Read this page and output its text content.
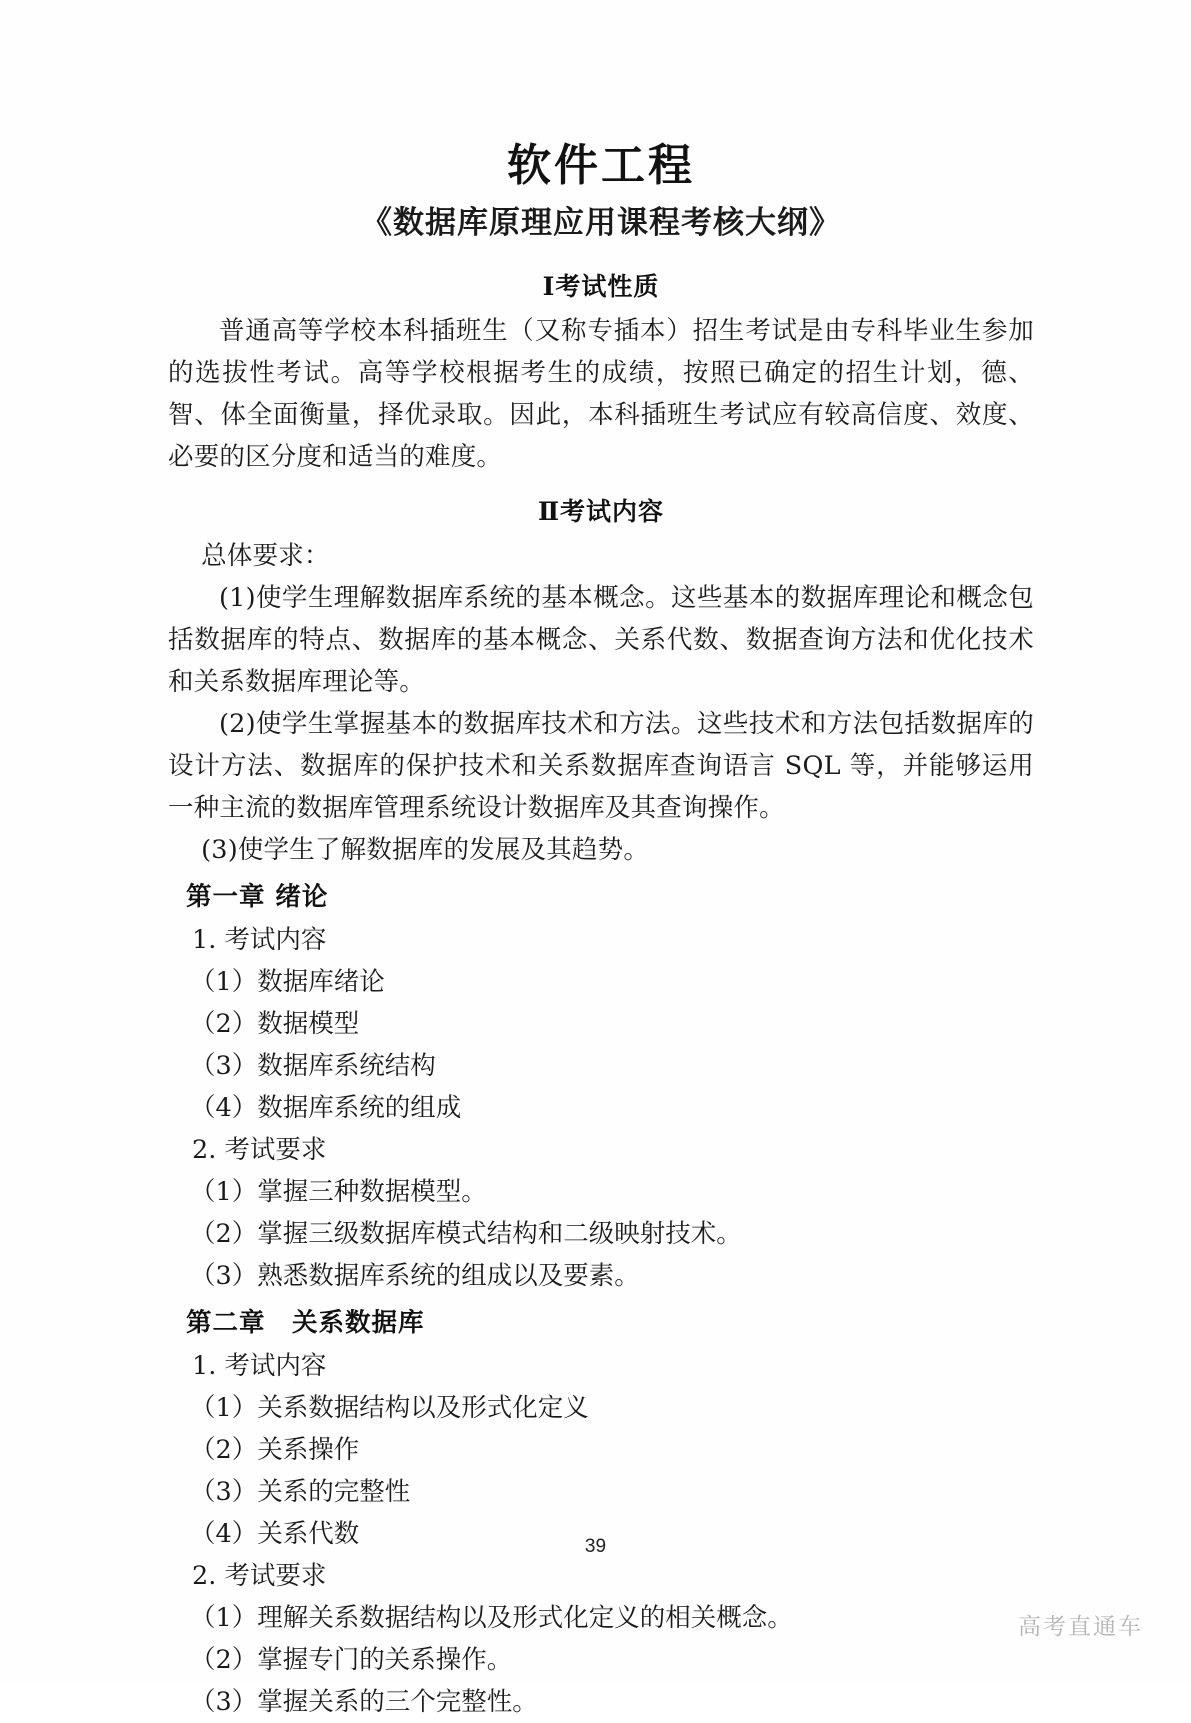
软件工程
《数据库原理应用课程考核大纲》
Ⅰ考试性质

普通高等学校本科插班生（又称专插本）招生考试是由专科毕业生参加的选拔性考试。高等学校根据考生的成绩，按照已确定的招生计划，德、智、体全面衡量，择优录取。因此，本科插班生考试应有较高信度、效度、必要的区分度和适当的难度。

Ⅱ考试内容

总体要求：

(1)使学生理解数据库系统的基本概念。这些基本的数据库理论和概念包括数据库的特点、数据库的基本概念、关系代数、数据查询方法和优化技术和关系数据库理论等。

(2)使学生掌握基本的数据库技术和方法。这些技术和方法包括数据库的设计方法、数据库的保护技术和关系数据库查询语言 SQL 等，并能够运用一种主流的数据库管理系统设计数据库及其查询操作。

(3)使学生了解数据库的发展及其趋势。

第一章 绪论
1. 考试内容
（1）数据库绪论
（2）数据模型
（3）数据库系统结构
（4）数据库系统的组成
2. 考试要求
（1）掌握三种数据模型。
（2）掌握三级数据库模式结构和二级映射技术。
（3）熟悉数据库系统的组成以及要素。
第二章　关系数据库
1. 考试内容
（1）关系数据结构以及形式化定义
（2）关系操作
（3）关系的完整性
（4）关系代数
2. 考试要求
（1）理解关系数据结构以及形式化定义的相关概念。
（2）掌握专门的关系操作。
（3）掌握关系的三个完整性。
39
高考直通车
